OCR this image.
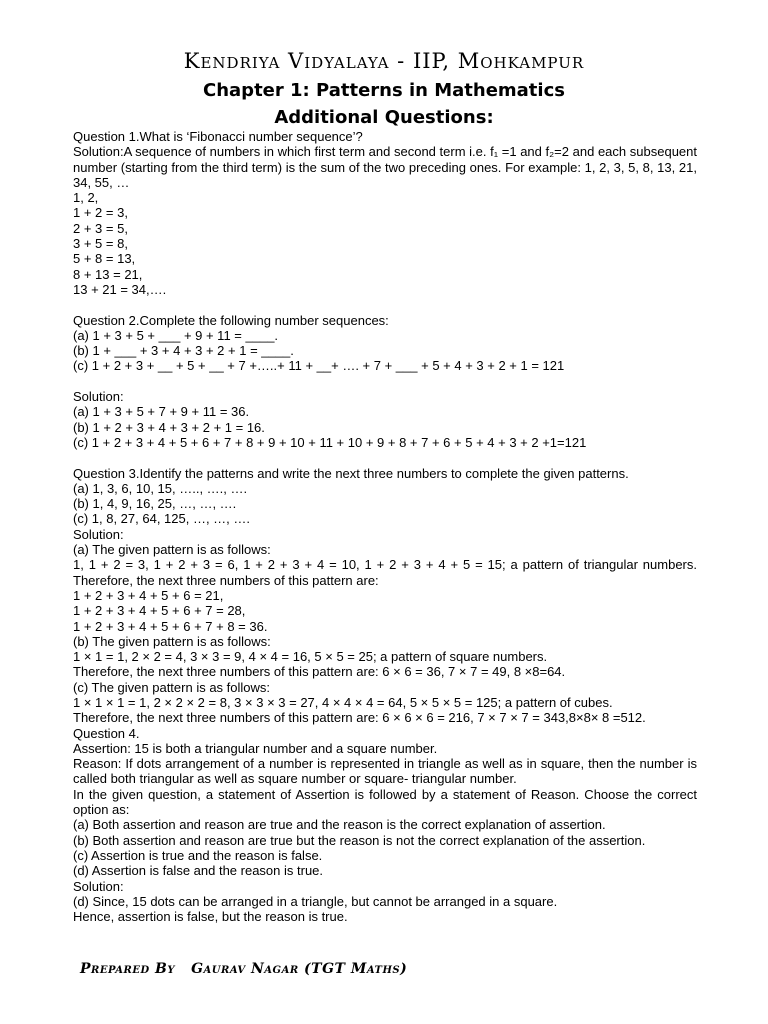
Kendriya Vidyalaya - IIP, Mohkampur
Chapter 1: Patterns in Mathematics
Additional Questions:
Question 1.What is ‘Fibonacci number sequence’?
Solution:A sequence of numbers in which first term and second term i.e. f₁ =1 and f₂=2 and each subsequent number (starting from the third term) is the sum of the two preceding ones. For example: 1, 2, 3, 5, 8, 13, 21, 34, 55, …
1, 2,
1 + 2 = 3,
2 + 3 = 5,
3 + 5 = 8,
5 + 8 = 13,
8 + 13 = 21,
13 + 21 = 34,….
Question 2.Complete the following number sequences:
(a) 1 + 3 + 5 + ___ + 9 + 11 = ____.
(b) 1 + ___ + 3 + 4 + 3 + 2 + 1 = ____.
(c) 1 + 2 + 3 + __ + 5 + __ + 7 +…..+ 11 + __+ …. + 7 + ___ + 5 + 4 + 3 + 2 + 1 = 121
Solution:
(a) 1 + 3 + 5 + 7 + 9 + 11 = 36.
(b) 1 + 2 + 3 + 4 + 3 + 2 + 1 = 16.
(c) 1 + 2 + 3 + 4 + 5 + 6 + 7 + 8 + 9 + 10 + 11 + 10 + 9 + 8 + 7 + 6 + 5 + 4 + 3 + 2 +1=121
Question 3.Identify the patterns and write the next three numbers to complete the given patterns.
(a) 1, 3, 6, 10, 15, ….., …., ….
(b) 1, 4, 9, 16, 25, …, …, ….
(c) 1, 8, 27, 64, 125, …, …, ….
Solution:
(a) The given pattern is as follows:
1, 1 + 2 = 3, 1 + 2 + 3 = 6, 1 + 2 + 3 + 4 = 10, 1 + 2 + 3 + 4 + 5 = 15; a pattern of triangular numbers. Therefore, the next three numbers of this pattern are:
1 + 2 + 3 + 4 + 5 + 6 = 21,
1 + 2 + 3 + 4 + 5 + 6 + 7 = 28,
1 + 2 + 3 + 4 + 5 + 6 + 7 + 8 = 36.
(b) The given pattern is as follows:
1 × 1 = 1, 2 × 2 = 4, 3 × 3 = 9, 4 × 4 = 16, 5 × 5 = 25; a pattern of square numbers.
Therefore, the next three numbers of this pattern are: 6 × 6 = 36, 7 × 7 = 49, 8 ×8=64.
(c) The given pattern is as follows:
1 × 1 × 1 = 1, 2 × 2 × 2 = 8, 3 × 3 × 3 = 27, 4 × 4 × 4 = 64, 5 × 5 × 5 = 125; a pattern of cubes.
Therefore, the next three numbers of this pattern are: 6 × 6 × 6 = 216, 7 × 7 × 7 = 343,8×8× 8 =512.
Question 4.
Assertion: 15 is both a triangular number and a square number.
Reason: If dots arrangement of a number is represented in triangle as well as in square, then the number is called both triangular as well as square number or square- triangular number.
In the given question, a statement of Assertion is followed by a statement of Reason. Choose the correct option as:
(a) Both assertion and reason are true and the reason is the correct explanation of assertion.
(b) Both assertion and reason are true but the reason is not the correct explanation of the assertion.
(c) Assertion is true and the reason is false.
(d) Assertion is false and the reason is true.
Solution:
(d) Since, 15 dots can be arranged in a triangle, but cannot be arranged in a square.
Hence, assertion is false, but the reason is true.
Prepared By   Gaurav Nagar (TGT Maths)
